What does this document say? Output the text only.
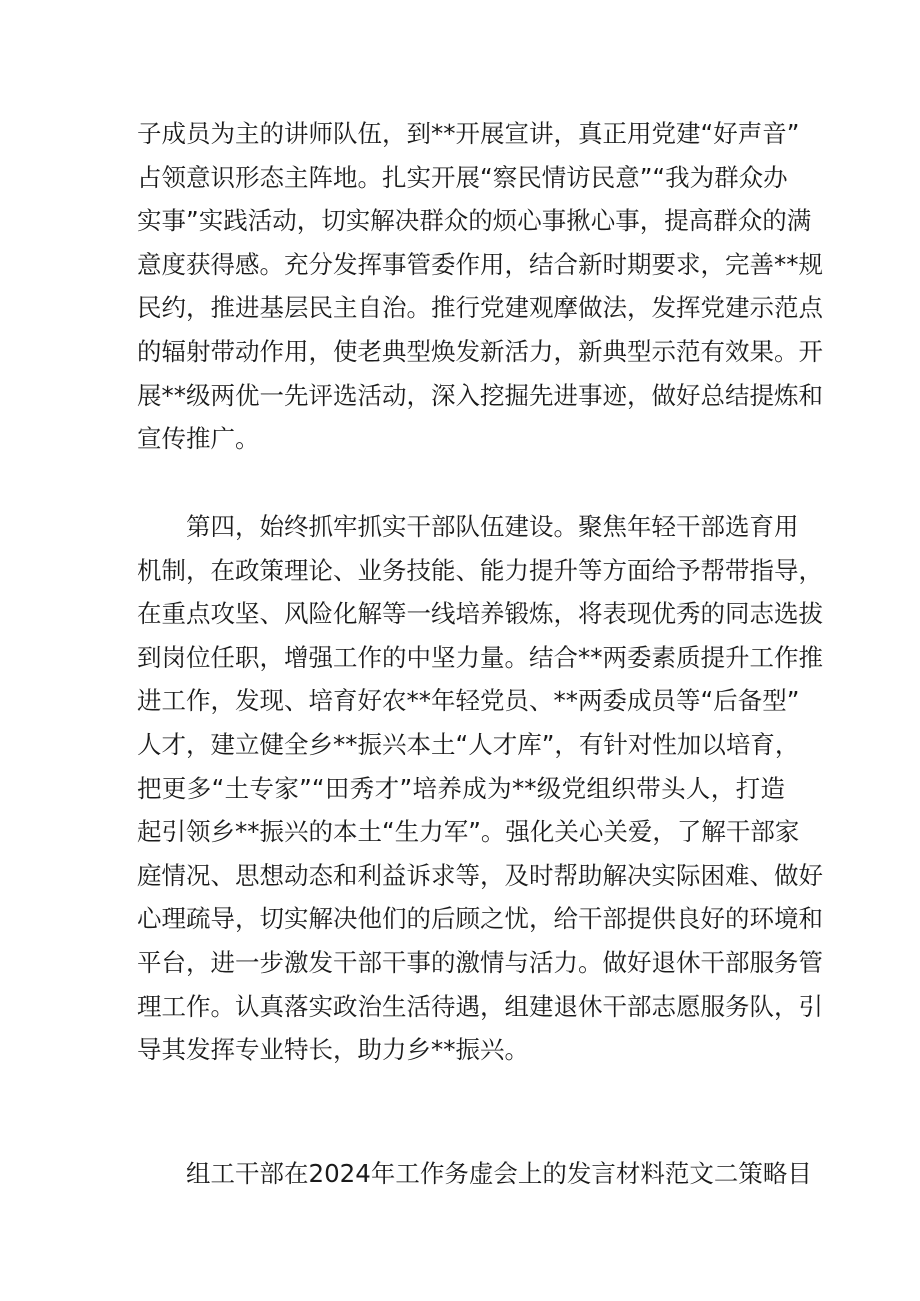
子成员为主的讲师队伍，到**开展宣讲，真正用党建“好声音”
占领意识形态主阵地。扎实开展“察民情访民意”“我为群众办
实事”实践活动，切实解决群众的烦心事揪心事，提高群众的满
意度获得感。充分发挥事管委作用，结合新时期要求，完善**规
民约，推进基层民主自治。推行党建观摩做法，发挥党建示范点
的辐射带动作用，使老典型焕发新活力，新典型示范有效果。开
展**级两优一先评选活动，深入挖掘先进事迹，做好总结提炼和
宣传推广。
第四，始终抓牢抓实干部队伍建设。聚焦年轻干部选育用
机制，在政策理论、业务技能、能力提升等方面给予帮带指导，
在重点攻坚、风险化解等一线培养锻炼，将表现优秀的同志选拔
到岗位任职，增强工作的中坚力量。结合**两委素质提升工作推
进工作，发现、培育好农**年轻党员、**两委成员等“后备型”
人才，建立健全乡**振兴本土“人才库”，有针对性加以培育，
把更多“土专家”“田秀才”培养成为**级党组织带头人，打造
起引领乡**振兴的本土“生力军”。强化关心关爱，了解干部家
庭情况、思想动态和利益诉求等，及时帮助解决实际困难、做好
心理疏导，切实解决他们的后顾之忧，给干部提供良好的环境和
平台，进一步激发干部干事的激情与活力。做好退休干部服务管
理工作。认真落实政治生活待遇，组建退休干部志愿服务队，引
导其发挥专业特长，助力乡**振兴。
组工干部在2024年工作务虚会上的发言材料范文二策略目
